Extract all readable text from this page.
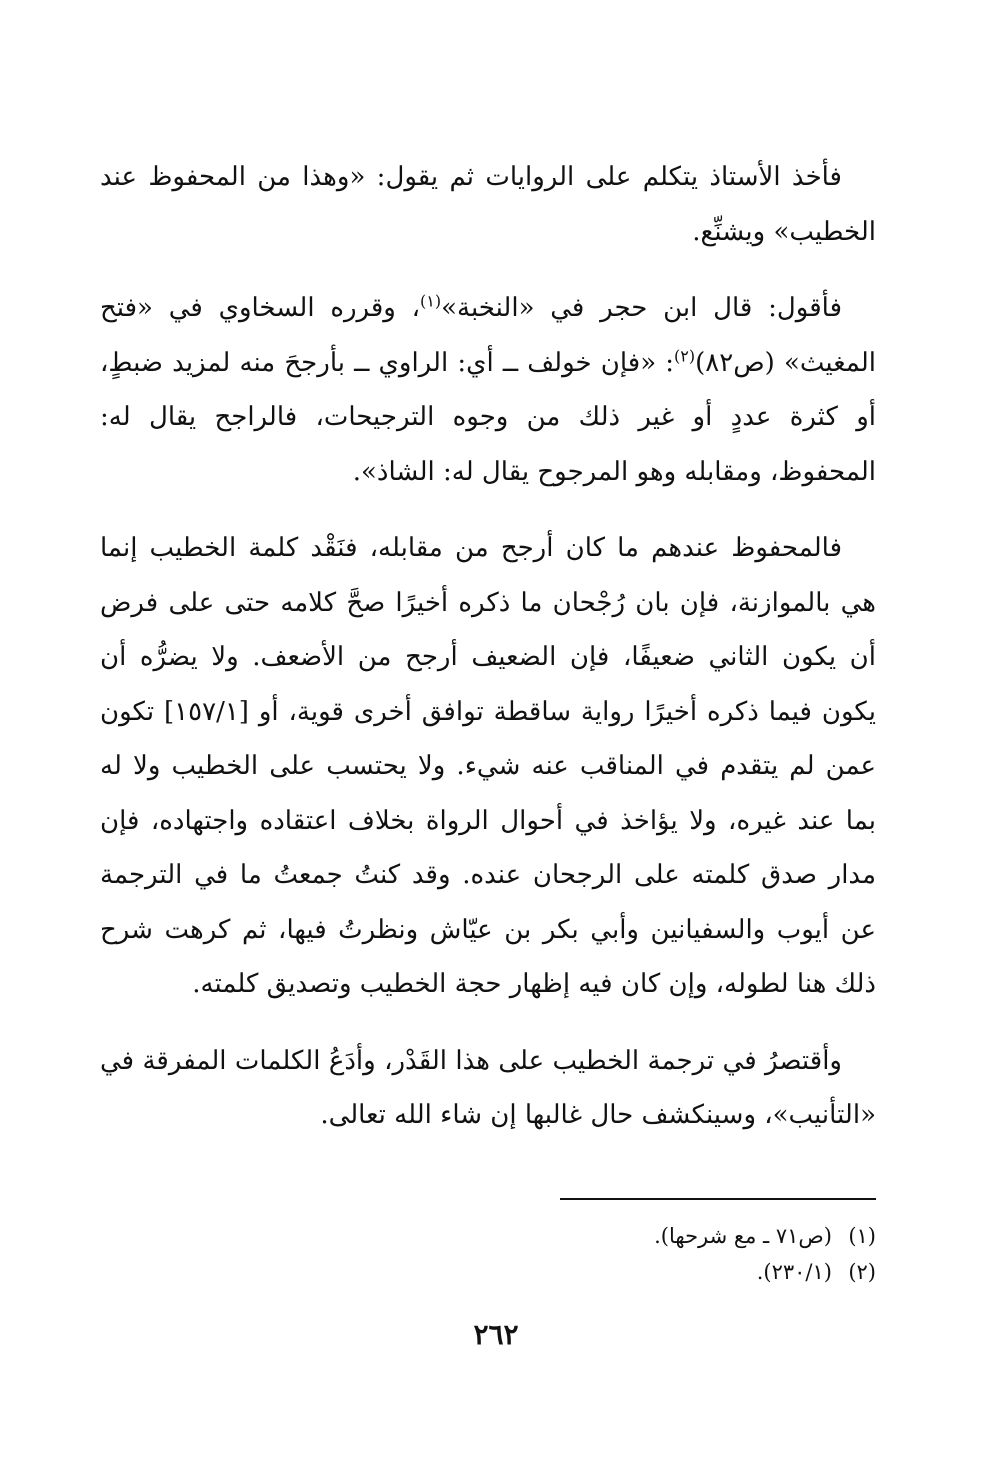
فأخذ الأستاذ يتكلم على الروايات ثم يقول: «وهذا من المحفوظ عند الخطيب» ويشنِّع.

فأقول: قال ابن حجر في «النخبة»$^{(١)}$، وقرره السخاوي في «فتح المغيث» (ص٨٢)$^{(٢)}$: «فإن خولف ــ أي: الراوي ــ بأرجحَ منه لمزيد ضبطٍ، أو كثرة عددٍ أو غير ذلك من وجوه الترجيحات، فالراجح يقال له: المحفوظ، ومقابله وهو المرجوح يقال له: الشاذ».

فالمحفوظ عندهم ما كان أرجح من مقابله، فنَقْد كلمة الخطيب إنما هي بالموازنة، فإن بان رُجْحان ما ذكره أخيرًا صحَّ كلامه حتى على فرض أن يكون الثاني ضعيفًا، فإن الضعيف أرجح من الأضعف. ولا يضرُّه أن يكون فيما ذكره أخيرًا رواية ساقطة توافق أخرى قوية، أو [١٥٧/١] تكون عمن لم يتقدم في المناقب عنه شيء. ولا يحتسب على الخطيب ولا له بما عند غيره، ولا يؤاخذ في أحوال الرواة بخلاف اعتقاده واجتهاده، فإن مدار صدق كلمته على الرجحان عنده. وقد كنتُ جمعتُ ما في الترجمة عن أيوب والسفيانين وأبي بكر بن عيّاش ونظرتُ فيها، ثم كرهت شرح ذلك هنا لطوله، وإن كان فيه إظهار حجة الخطيب وتصديق كلمته.

وأقتصرُ في ترجمة الخطيب على هذا القَدْر، وأدَعُ الكلمات المفرقة في «التأنيب»، وسينكشف حال غالبها إن شاء الله تعالى.

(١)(ص٧١ ـ مع شرحها).
(٢)(٢٣٠/١).
٢٦٢
